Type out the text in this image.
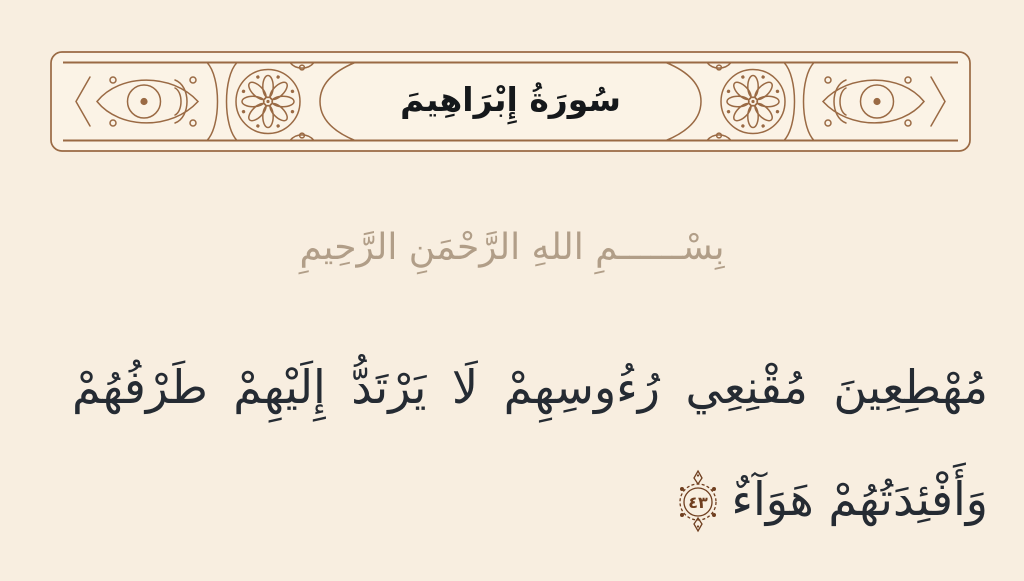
سُورَةُ إِبْرَاهِيمَ
بِسْــــــمِ اللهِ الرَّحْمَنِ الرَّحِيمِ
مُهْطِعِينَ مُقْنِعِي رُءُوسِهِمْ لَا يَرْتَدُّ إِلَيْهِمْ طَرْفُهُمْ
وَأَفْئِدَتُهُمْ هَوَآءٌ
٤٣
